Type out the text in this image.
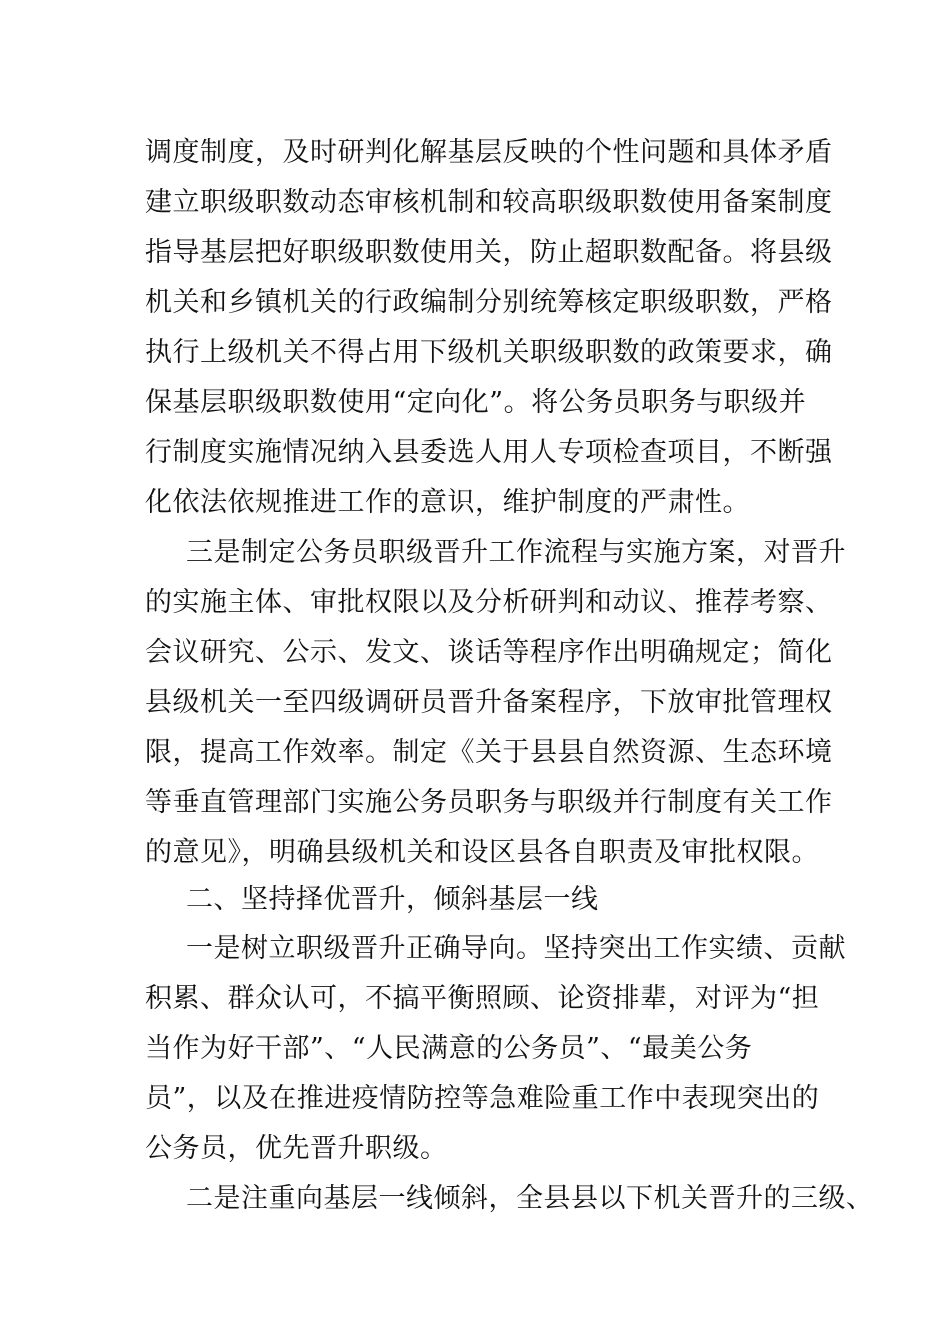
调度制度，及时研判化解基层反映的个性问题和具体矛盾
建立职级职数动态审核机制和较高职级职数使用备案制度
指导基层把好职级职数使用关，防止超职数配备。将县级
机关和乡镇机关的行政编制分别统筹核定职级职数，严格
执行上级机关不得占用下级机关职级职数的政策要求，确
保基层职级职数使用“定向化”。将公务员职务与职级并
行制度实施情况纳入县委选人用人专项检查项目，不断强
化依法依规推进工作的意识，维护制度的严肃性。
三是制定公务员职级晋升工作流程与实施方案，对晋升
的实施主体、审批权限以及分析研判和动议、推荐考察、
会议研究、公示、发文、谈话等程序作出明确规定；简化
县级机关一至四级调研员晋升备案程序，下放审批管理权
限，提高工作效率。制定《关于县县自然资源、生态环境
等垂直管理部门实施公务员职务与职级并行制度有关工作
的意见》，明确县级机关和设区县各自职责及审批权限。
二、坚持择优晋升，倾斜基层一线
一是树立职级晋升正确导向。坚持突出工作实绩、贡献
积累、群众认可，不搞平衡照顾、论资排辈，对评为“担
当作为好干部”、“人民满意的公务员”、“最美公务
员”，以及在推进疫情防控等急难险重工作中表现突出的
公务员，优先晋升职级。
二是注重向基层一线倾斜，全县县以下机关晋升的三级、
